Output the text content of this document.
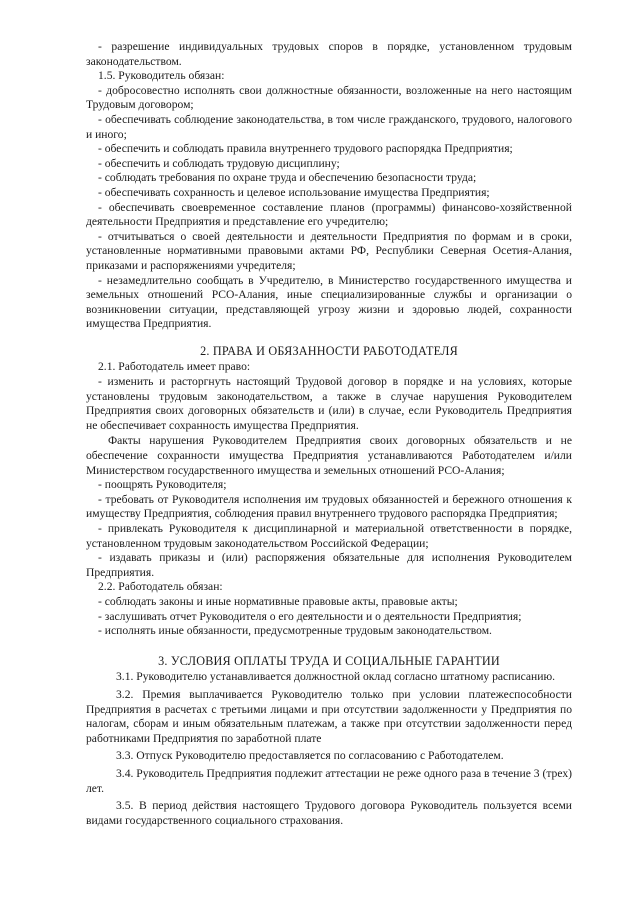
- разрешение индивидуальных трудовых споров в порядке, установленном трудовым законодательством.

1.5. Руководитель обязан:

- добросовестно исполнять свои должностные обязанности, возложенные на него настоящим Трудовым договором;

- обеспечивать соблюдение законодательства, в том числе гражданского, трудового, налогового и иного;

- обеспечить и соблюдать правила внутреннего трудового распорядка Предприятия;

- обеспечить и соблюдать трудовую дисциплину;

- соблюдать требования по охране труда и обеспечению безопасности труда;

- обеспечивать сохранность и целевое использование имущества Предприятия;

- обеспечивать своевременное составление планов (программы) финансово-хозяйственной деятельности Предприятия и представление его учредителю;

- отчитываться о своей деятельности и деятельности Предприятия по формам и в сроки, установленные нормативными правовыми актами РФ, Республики Северная Осетия-Алания, приказами и распоряжениями учредителя;

- незамедлительно сообщать в Учредителю, в Министерство государственного имущества и земельных отношений РСО-Алания, иные специализированные службы и организации о возникновении ситуации, представляющей угрозу жизни и здоровью людей, сохранности имущества Предприятия.

2. ПРАВА И ОБЯЗАННОСТИ РАБОТОДАТЕЛЯ

2.1. Работодатель имеет право:

- изменить и расторгнуть настоящий Трудовой договор в порядке и на условиях, которые установлены трудовым законодательством, а также в случае нарушения Руководителем Предприятия своих договорных обязательств и (или) в случае, если Руководитель Предприятия не обеспечивает сохранность имущества Предприятия.

Факты нарушения Руководителем Предприятия своих договорных обязательств и не обеспечение сохранности имущества Предприятия устанавливаются Работодателем и/или Министерством государственного имущества и земельных отношений РСО-Алания;

- поощрять Руководителя;

- требовать от Руководителя исполнения им трудовых обязанностей и бережного отношения к имуществу Предприятия, соблюдения правил внутреннего трудового распорядка Предприятия;

- привлекать Руководителя к дисциплинарной и материальной ответственности в порядке, установленном трудовым законодательством Российской Федерации;

- издавать приказы и (или) распоряжения обязательные для исполнения Руководителем Предприятия.

2.2. Работодатель обязан:

- соблюдать законы и иные нормативные правовые акты, правовые акты;

- заслушивать отчет Руководителя о его деятельности и о деятельности Предприятия;

- исполнять иные обязанности, предусмотренные трудовым законодательством.

3. УСЛОВИЯ ОПЛАТЫ ТРУДА И СОЦИАЛЬНЫЕ ГАРАНТИИ

3.1. Руководителю устанавливается должностной оклад согласно штатному расписанию.

3.2. Премия выплачивается Руководителю только при условии платежеспособности Предприятия в расчетах с третьими лицами и при отсутствии задолженности у Предприятия по налогам, сборам и иным обязательным платежам, а также при отсутствии задолженности перед работниками Предприятия по заработной плате

3.3. Отпуск Руководителю предоставляется по согласованию с Работодателем.

3.4. Руководитель Предприятия подлежит аттестации не реже одного раза в течение 3 (трех) лет.

3.5. В период действия настоящего Трудового договора Руководитель пользуется всеми видами государственного социального страхования.
